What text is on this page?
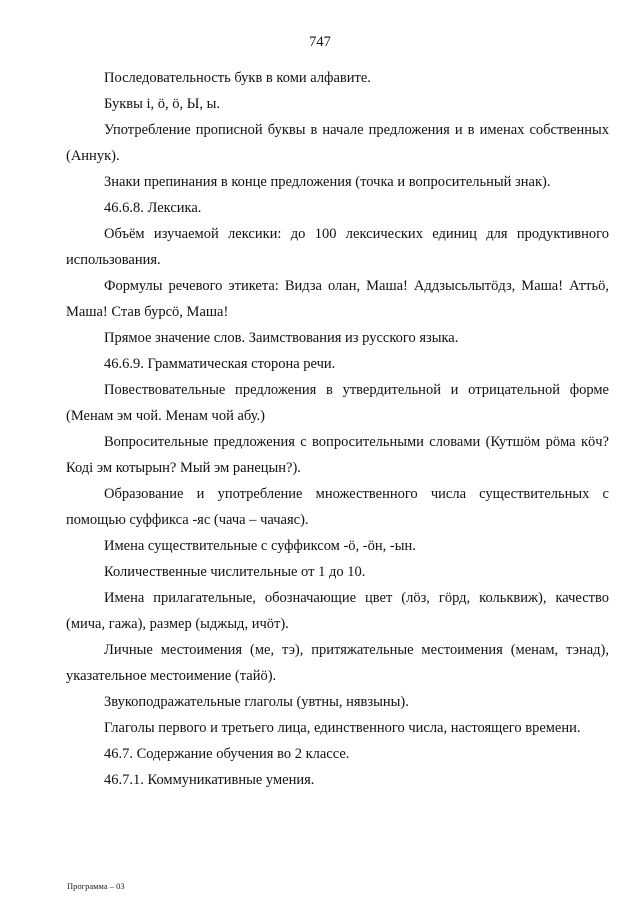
747

Последовательность букв в коми алфавите.

Буквы і, ö, ӧ, Ы, ы.

Употребление прописной буквы в начале предложения и в именах собственных (Аннук).

Знаки препинания в конце предложения (точка и вопросительный знак).

46.6.8. Лексика.

Объём изучаемой лексики: до 100 лексических единиц для продуктивного использования.

Формулы речевого этикета: Видза олан, Маша! Аддзысьлытӧдз, Маша! Аттьӧ, Маша! Став бурсӧ, Маша!

Прямое значение слов. Заимствования из русского языка.

46.6.9. Грамматическая сторона речи.

Повествовательные предложения в утвердительной и отрицательной форме (Менам эм чой. Менам чой абу.)

Вопросительные предложения с вопросительными словами (Кутшӧм рӧма кӧч? Кодi эм котырын? Мый эм ранецын?).

Образование и употребление множественного числа существительных с помощью суффикса -яс (чача – чачаяс).

Имена существительные с суффиксом -ӧ, -ӧн, -ын.

Количественные числительные от 1 до 10.

Имена прилагательные, обозначающие цвет (лӧз, гӧрд, кольквиж), качество (мича, гажа), размер (ыджыд, ичӧт).

Личные местоимения (ме, тэ), притяжательные местоимения (менам, тэнад), указательное местоимение (тайӧ).

Звукоподражательные глаголы (увтны, нявзыны).

Глаголы первого и третьего лица, единственного числа, настоящего времени.

46.7. Содержание обучения во 2 классе.

46.7.1. Коммуникативные умения.

Программа – 03
